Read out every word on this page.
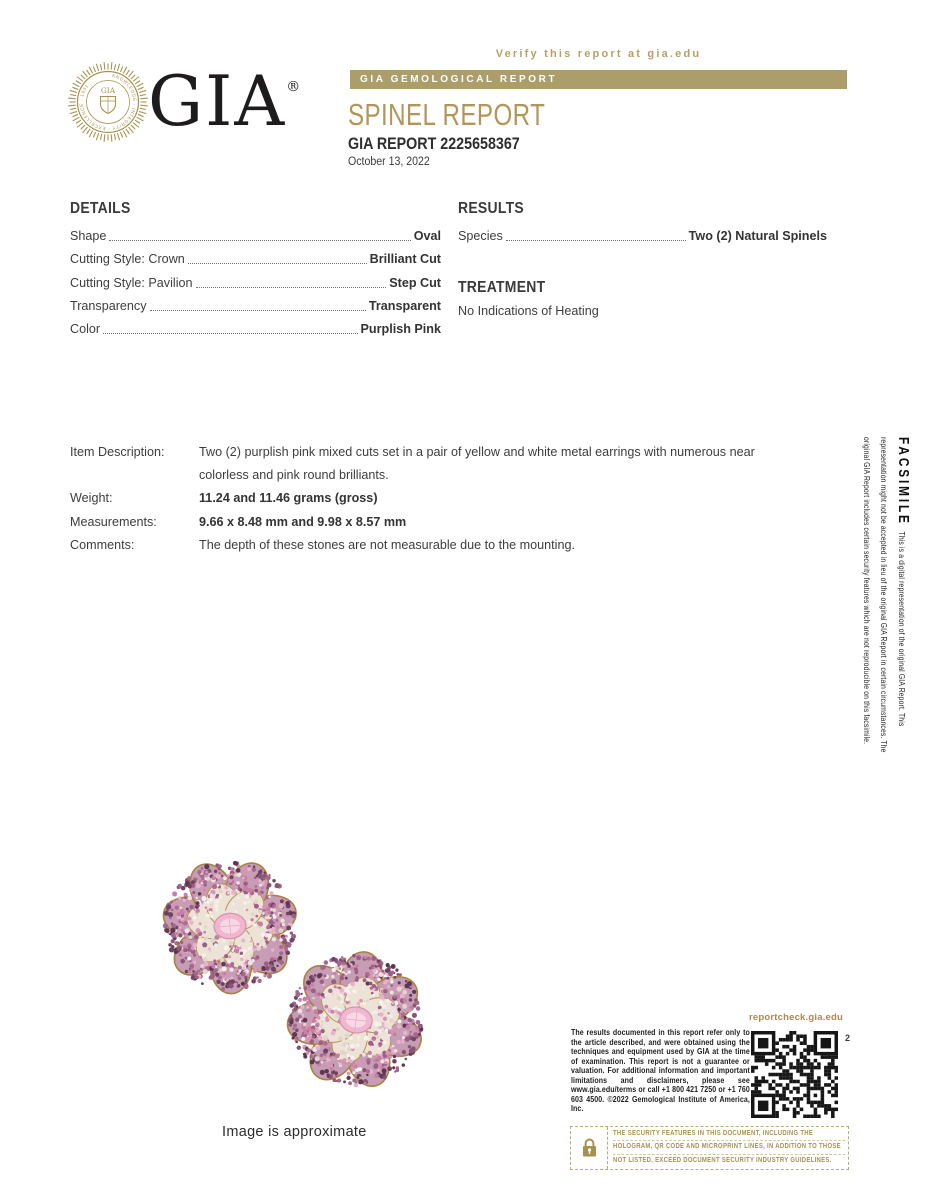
· KNOWLEDGE · INTEGRITY · EXCELLENCE · 1931	GIA GIA®
Verify this report at gia.edu
GIA GEMOLOGICAL REPORT
SPINEL REPORT
GIA REPORT 2225658367
October 13, 2022
DETAILS
Shape	Oval
Cutting Style: Crown	Brilliant Cut
Cutting Style: Pavilion	Step Cut
Transparency	Transparent
Color	Purplish Pink
RESULTS
Species	Two (2) Natural Spinels
TREATMENT
No Indications of Heating
Item Description:	Two (2) purplish pink mixed cuts set in a pair of yellow and white metal earrings with numerous near colorless and pink round brilliants.
Weight:	11.24 and 11.46 grams (gross)
Measurements:	9.66 x 8.48 mm and 9.98 x 8.57 mm
Comments:	The depth of these stones are not measurable due to the mounting.
FACSIMILEThis is a digital representation of the original GIA Report. This representation might not be accepted in lieu of the original GIA Report in certain circumstances. The original GIA Report includes certain security features which are not reproducible on this facsimile.
Image is approximate
reportcheck.gia.edu
The results documented in this report refer only to the article described, and were obtained using the techniques and equipment used by GIA at the time of examination. This report is not a guarantee or valuation. For additional information and important limitations and disclaimers, please see www.gia.edu/terms or call +1 800 421 7250 or +1 760 603 4500. ©2022 Gemological Institute of America, Inc.
2
THE SECURITY FEATURES IN THIS DOCUMENT, INCLUDING THE
HOLOGRAM, QR CODE AND MICROPRINT LINES, IN ADDITION TO THOSE
NOT LISTED, EXCEED DOCUMENT SECURITY INDUSTRY GUIDELINES.
